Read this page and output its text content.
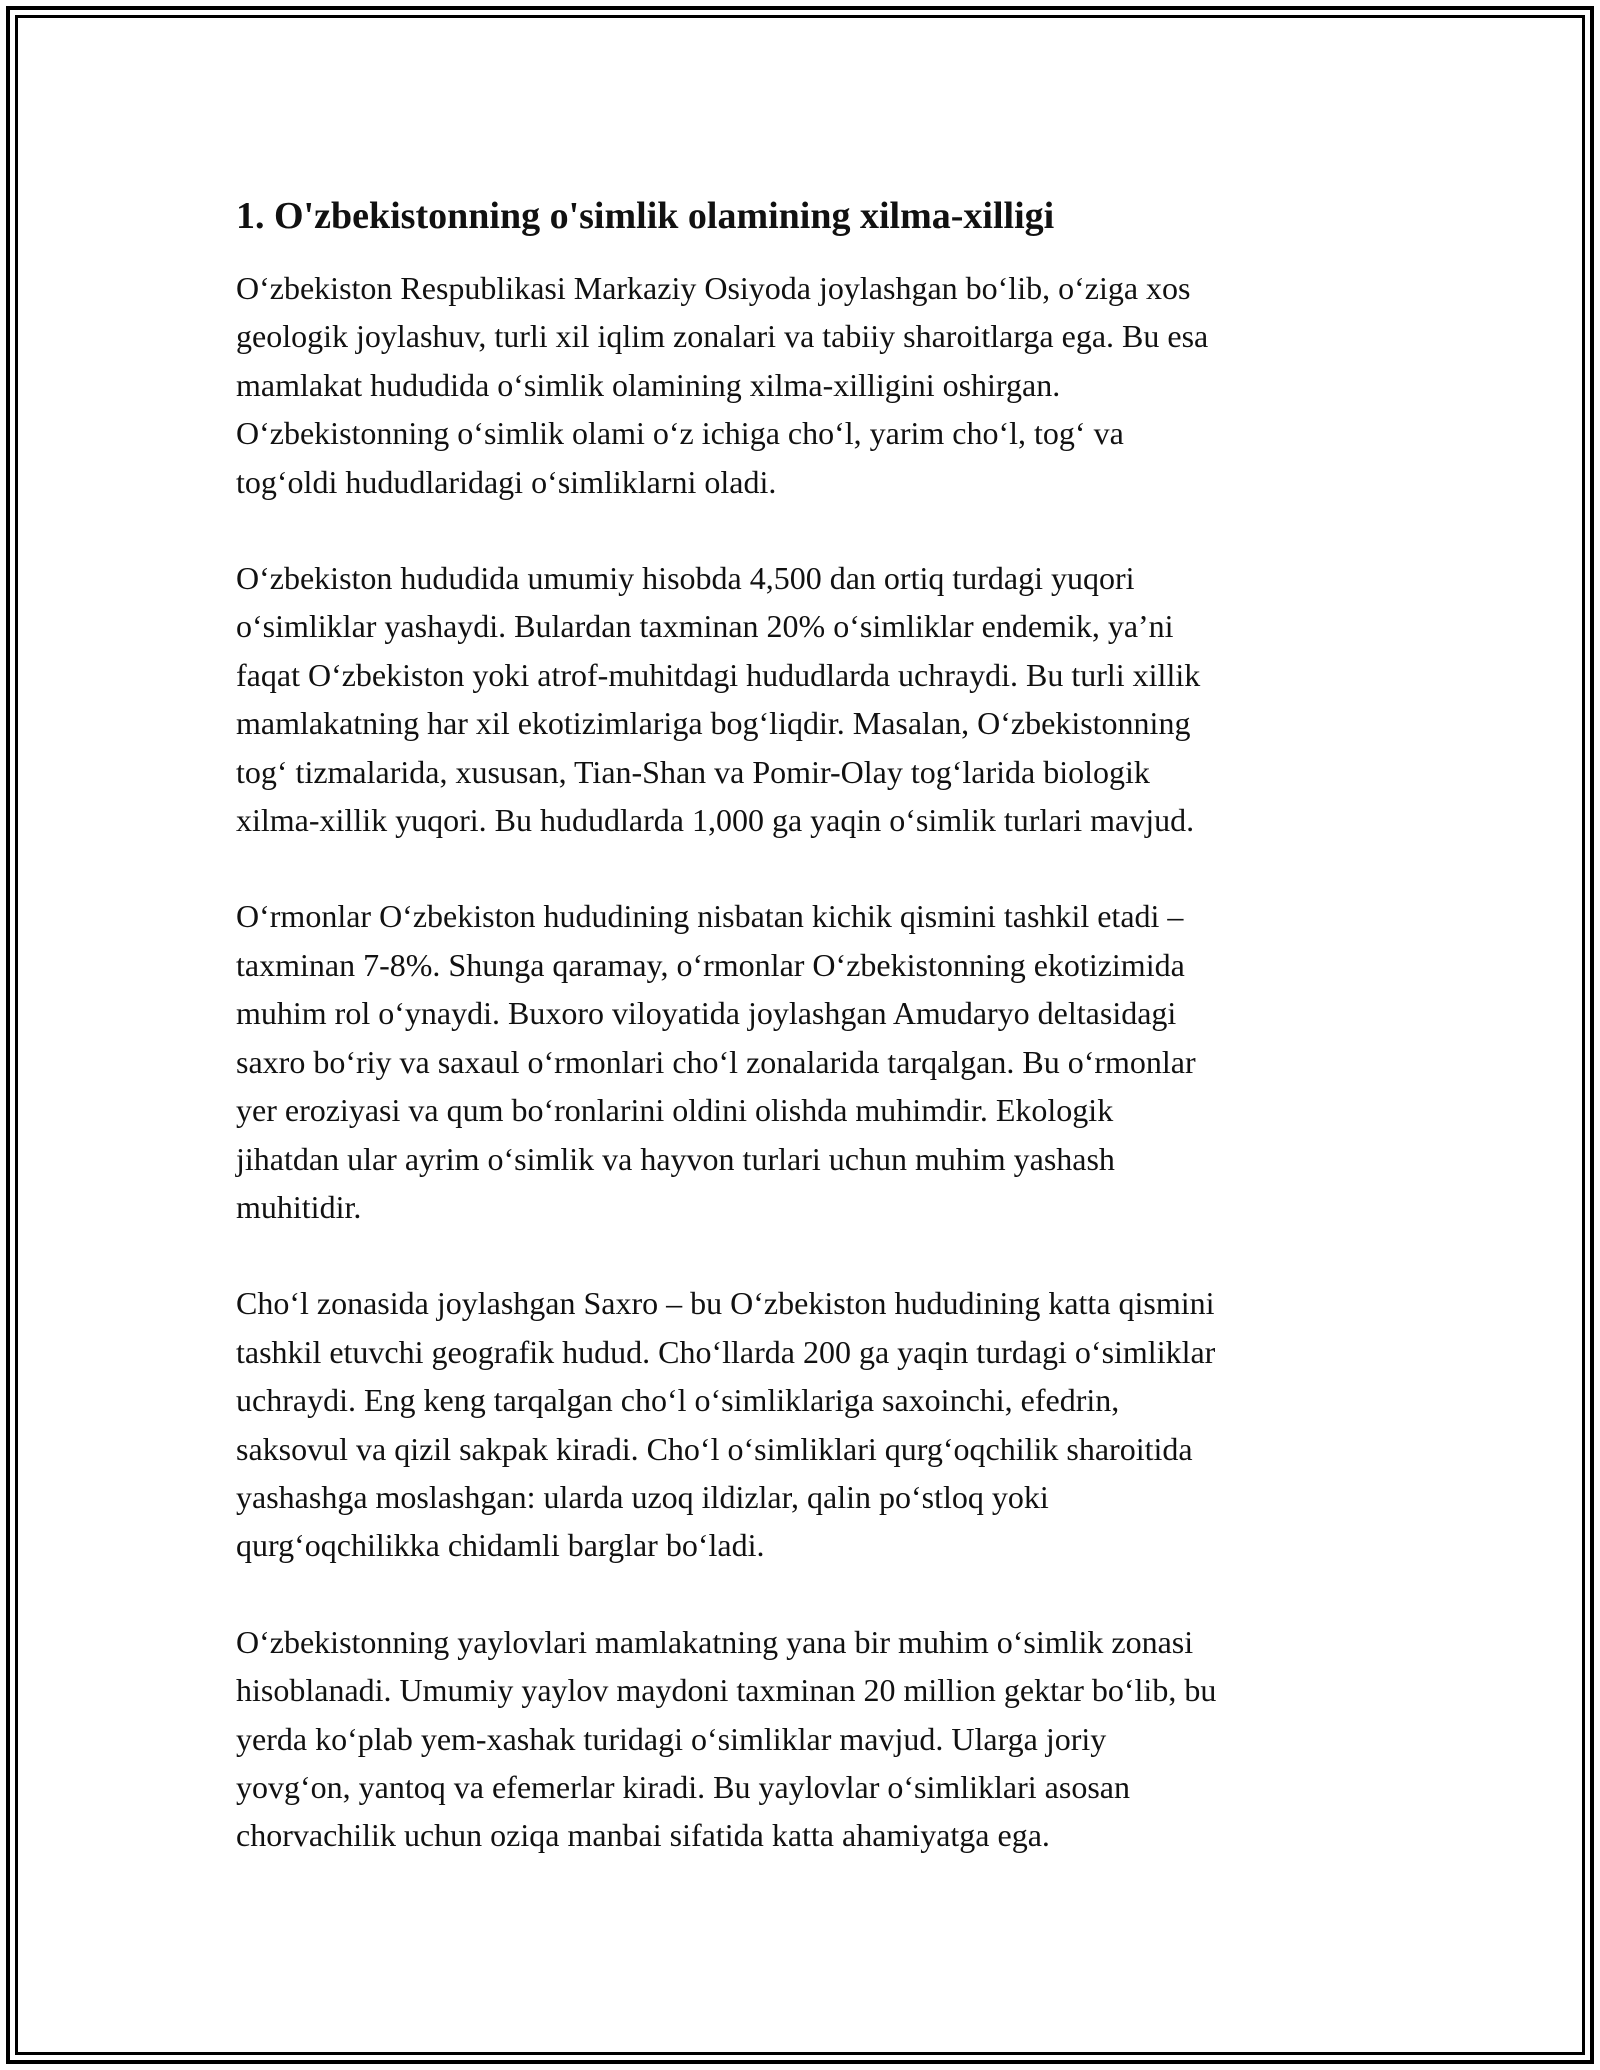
1. O'zbekistonning o'simlik olamining xilma-xilligi

O‘zbekiston Respublikasi Markaziy Osiyoda joylashgan bo‘lib, o‘ziga xos
geologik joylashuv, turli xil iqlim zonalari va tabiiy sharoitlarga ega. Bu esa
mamlakat hududida o‘simlik olamining xilma-xilligini oshirgan.
O‘zbekistonning o‘simlik olami o‘z ichiga cho‘l, yarim cho‘l, tog‘ va
tog‘oldi hududlaridagi o‘simliklarni oladi.

O‘zbekiston hududida umumiy hisobda 4,500 dan ortiq turdagi yuqori
o‘simliklar yashaydi. Bulardan taxminan 20% o‘simliklar endemik, ya’ni
faqat O‘zbekiston yoki atrof-muhitdagi hududlarda uchraydi. Bu turli xillik
mamlakatning har xil ekotizimlariga bog‘liqdir. Masalan, O‘zbekistonning
tog‘ tizmalarida, xususan, Tian-Shan va Pomir-Olay tog‘larida biologik
xilma-xillik yuqori. Bu hududlarda 1,000 ga yaqin o‘simlik turlari mavjud.

O‘rmonlar O‘zbekiston hududining nisbatan kichik qismini tashkil etadi –
taxminan 7-8%. Shunga qaramay, o‘rmonlar O‘zbekistonning ekotizimida
muhim rol o‘ynaydi. Buxoro viloyatida joylashgan Amudaryo deltasidagi
saxro bo‘riy va saxaul o‘rmonlari cho‘l zonalarida tarqalgan. Bu o‘rmonlar
yer eroziyasi va qum bo‘ronlarini oldini olishda muhimdir. Ekologik
jihatdan ular ayrim o‘simlik va hayvon turlari uchun muhim yashash
muhitidir.

Cho‘l zonasida joylashgan Saxro – bu O‘zbekiston hududining katta qismini
tashkil etuvchi geografik hudud. Cho‘llarda 200 ga yaqin turdagi o‘simliklar
uchraydi. Eng keng tarqalgan cho‘l o‘simliklariga saxoinchi, efedrin,
saksovul va qizil sakpak kiradi. Cho‘l o‘simliklari qurg‘oqchilik sharoitida
yashashga moslashgan: ularda uzoq ildizlar, qalin po‘stloq yoki
qurg‘oqchilikka chidamli barglar bo‘ladi.

O‘zbekistonning yaylovlari mamlakatning yana bir muhim o‘simlik zonasi
hisoblanadi. Umumiy yaylov maydoni taxminan 20 million gektar bo‘lib, bu
yerda ko‘plab yem-xashak turidagi o‘simliklar mavjud. Ularga joriy
yovg‘on, yantoq va efemerlar kiradi. Bu yaylovlar o‘simliklari asosan
chorvachilik uchun oziqa manbai sifatida katta ahamiyatga ega.
